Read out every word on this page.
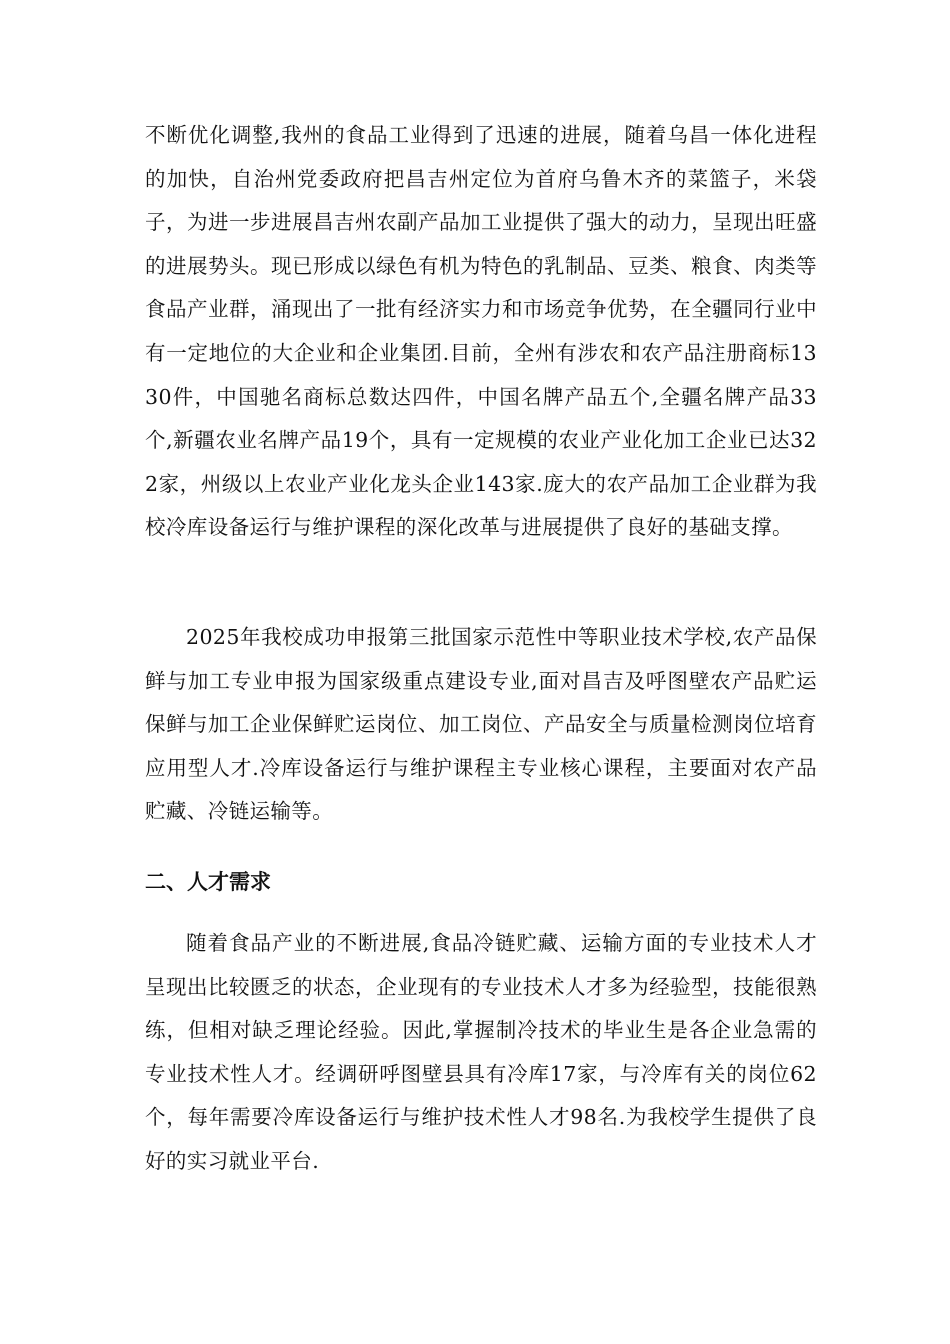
不断优化调整,我州的食品工业得到了迅速的进展，随着乌昌一体化进程的加快，自治州党委政府把昌吉州定位为首府乌鲁木齐的菜篮子，米袋子，为进一步进展昌吉州农副产品加工业提供了强大的动力，呈现出旺盛的进展势头。现已形成以绿色有机为特色的乳制品、豆类、粮食、肉类等食品产业群，涌现出了一批有经济实力和市场竞争优势，在全疆同行业中有一定地位的大企业和企业集团.目前，全州有涉农和农产品注册商标1330件，中国驰名商标总数达四件，中国名牌产品五个,全疆名牌产品33个,新疆农业名牌产品19个，具有一定规模的农业产业化加工企业已达322家，州级以上农业产业化龙头企业143家.庞大的农产品加工企业群为我校冷库设备运行与维护课程的深化改革与进展提供了良好的基础支撑。

2025年我校成功申报第三批国家示范性中等职业技术学校,农产品保鲜与加工专业申报为国家级重点建设专业,面对昌吉及呼图壁农产品贮运保鲜与加工企业保鲜贮运岗位、加工岗位、产品安全与质量检测岗位培育应用型人才.冷库设备运行与维护课程主专业核心课程，主要面对农产品贮藏、冷链运输等。

二、人才需求

随着食品产业的不断进展,食品冷链贮藏、运输方面的专业技术人才呈现出比较匮乏的状态，企业现有的专业技术人才多为经验型，技能很熟练，但相对缺乏理论经验。因此,掌握制冷技术的毕业生是各企业急需的专业技术性人才。经调研呼图壁县具有冷库17家，与冷库有关的岗位62个，每年需要冷库设备运行与维护技术性人才98名.为我校学生提供了良好的实习就业平台.
